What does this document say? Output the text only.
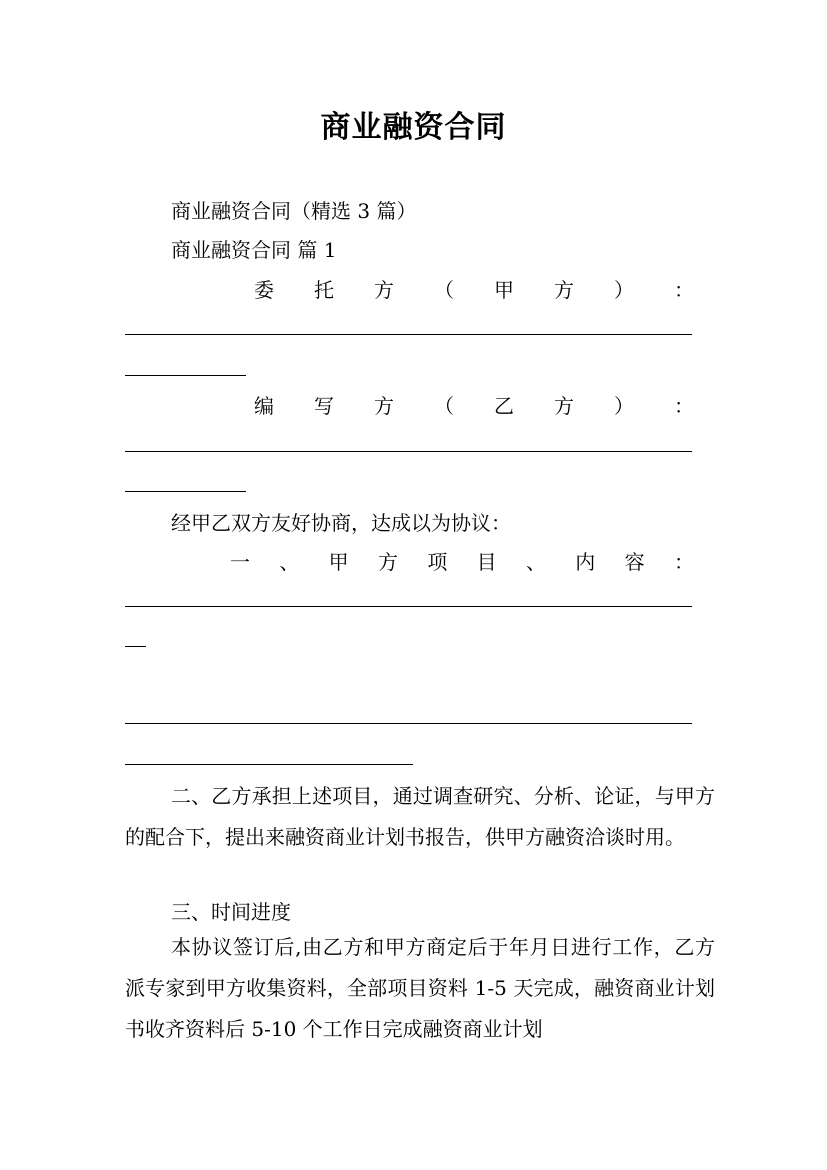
商业融资合同
商业融资合同（精选 3 篇）
商业融资合同 篇 1
委 托 方 （ 甲 方 ） ：
编 写 方 （ 乙 方 ） ：
经甲乙双方友好协商，达成以为协议：
一 、 甲 方 项 目 、 内 容 ：
二、乙方承担上述项目，通过调查研究、分析、论证，与甲方的配合下，提出来融资商业计划书报告，供甲方融资洽谈时用。
三、时间进度
本协议签订后,由乙方和甲方商定后于年月日进行工作，乙方派专家到甲方收集资料，全部项目资料 1-5 天完成，融资商业计划书收齐资料后 5-10 个工作日完成融资商业计划
